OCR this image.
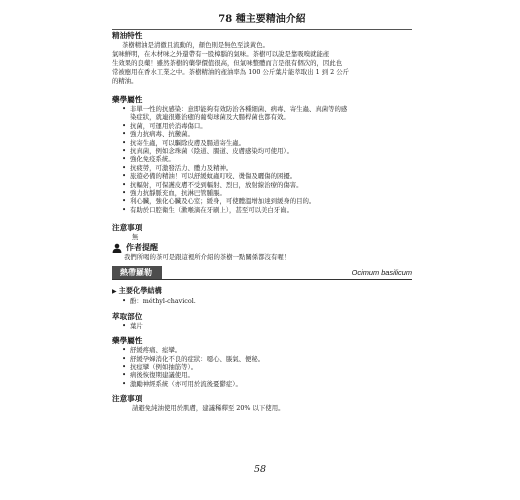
78 種主要精油介紹
精油特性

茶樹精油是清徹且流動的，顏色則是無色至淡黃色。

氣味鮮明，在木材味之外還帶有一股樟腦的氣味。茶樹可以說是靠吸嗅就能產

生效果的良藥！雖然茶樹的藥學價值很高，但氣味整體而言是很有個次的，因此也

常被應用在香水工業之中。茶樹精油的產油率為 100 公斤葉片能萃取出 1 到 2 公斤

的精油。

藥學屬性
• 非單一性的抗感染：意即能夠有效防治各種細菌、病毒、寄生蟲、真菌等的感
染症狀，就連很難治癒的葡萄球菌及大腸桿菌也都有效。
• 抗菌，可運用於消毒傷口。
• 強力抗病毒、抗黴菌。
• 抗寄生蟲，可以驅除皮膚及腸道寄生蟲。
• 抗真菌，例如念珠菌（陰道、腸道、皮膚感染均可使用）。
• 強化免疫系統。
• 抗疲勞，可激發活力、體力及精神。
• 旅遊必備的精油！可以舒緩蚊蟲叮咬、燙傷及曬傷的困擾。
• 抗輻射，可保護皮膚不受到輻射、烈日，放射線治療的傷害。
• 強力抗靜脈充血，抗淋巴管腫脹。
• 利心臟，強化心臟及心室；緩身，可使體溫增加達到緩身的目的。
• 有助於口腔衛生（漱喉滴在牙刷上），甚至可以美白牙齒。
注意事項

無

作者提醒

我們所喝的茶可是跟這裡所介紹的茶樹一點關係都沒有喔！

熱帶羅勒	Ocimum basilicum
▶ 主要化學結構
• 酚：méthyl-chavicol.
萃取部位
• 葉片
藥學屬性
• 舒緩疼痛、痙攣。
• 舒緩孕婦消化不良的症狀：噁心、脹氣、便秘。
• 抗痙攣（例如抽筋等）。
• 病後恢復期建議使用。
• 激勵神經系統（亦可用於流後憂鬱症）。
注意事項

請避免純油使用於肌膚，建議稀釋至 20% 以下使用。

58
